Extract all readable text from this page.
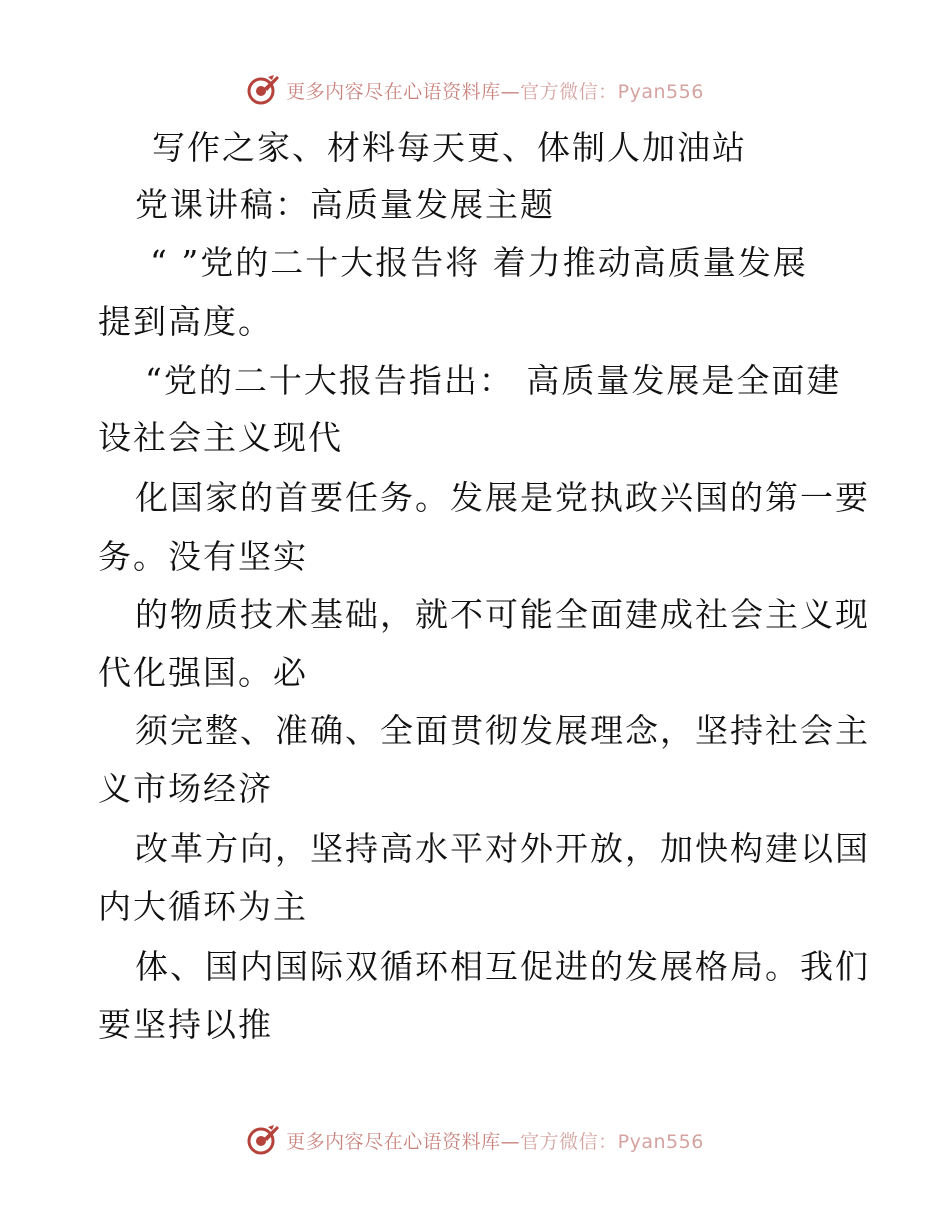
更多内容尽在心语资料库—官方微信：Pyan556
写作之家、材料每天更、体制人加油站
党课讲稿：高质量发展主题
“ ”党的二十大报告将 着力推动高质量发展
提到高度。
“党的二十大报告指出： 高质量发展是全面建
设社会主义现代
化国家的首要任务。发展是党执政兴国的第一要
务。没有坚实
的物质技术基础，就不可能全面建成社会主义现
代化强国。必
须完整、准确、全面贯彻发展理念，坚持社会主
义市场经济
改革方向，坚持高水平对外开放，加快构建以国
内大循环为主
体、国内国际双循环相互促进的发展格局。我们
要坚持以推
更多内容尽在心语资料库—官方微信：Pyan556
